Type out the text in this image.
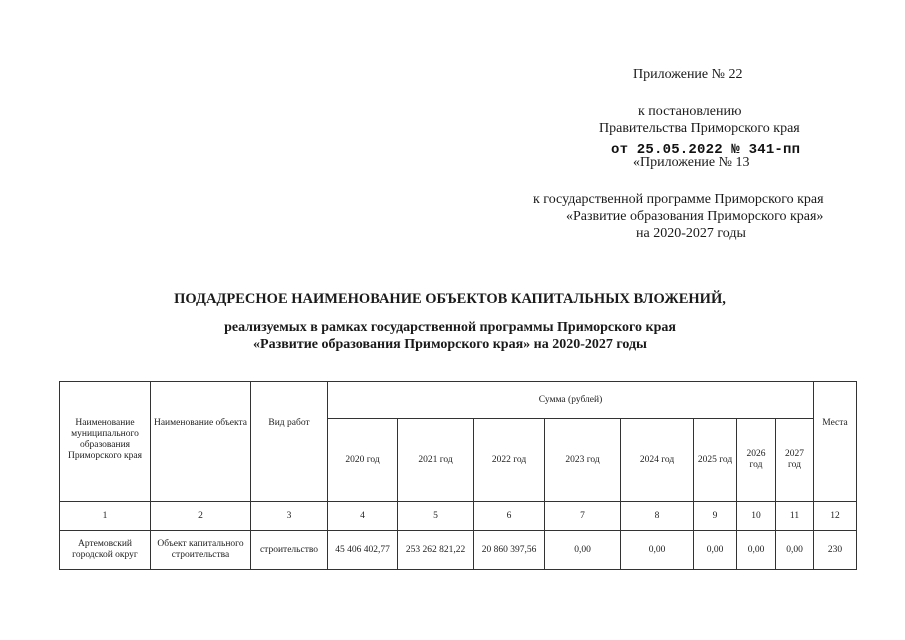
Приложение № 22
к постановлению
Правительства Приморского края
от 25.05.2022 № 341-пп
«Приложение № 13
к государственной программе Приморского края
«Развитие образования Приморского края»
на 2020-2027 годы
ПОДАДРЕСНОЕ НАИМЕНОВАНИЕ ОБЪЕКТОВ КАПИТАЛЬНЫХ ВЛОЖЕНИЙ,
реализуемых в рамках государственной программы Приморского края
«Развитие образования Приморского края» на 2020-2027 годы
Наименование муниципального образования Приморского края	Наименование объекта	Вид работ	Сумма (рублей)								Места
			2020 год	2021 год	2022 год	2023 год	2024 год	2025 год	2026 год	2027 год	
1	2	3	4	5	6	7	8	9	10	11	12
Артемовский городской округ	Объект капитального строительства	строительство	45 406 402,77	253 262 821,22	20 860 397,56	0,00	0,00	0,00	0,00	0,00	230
